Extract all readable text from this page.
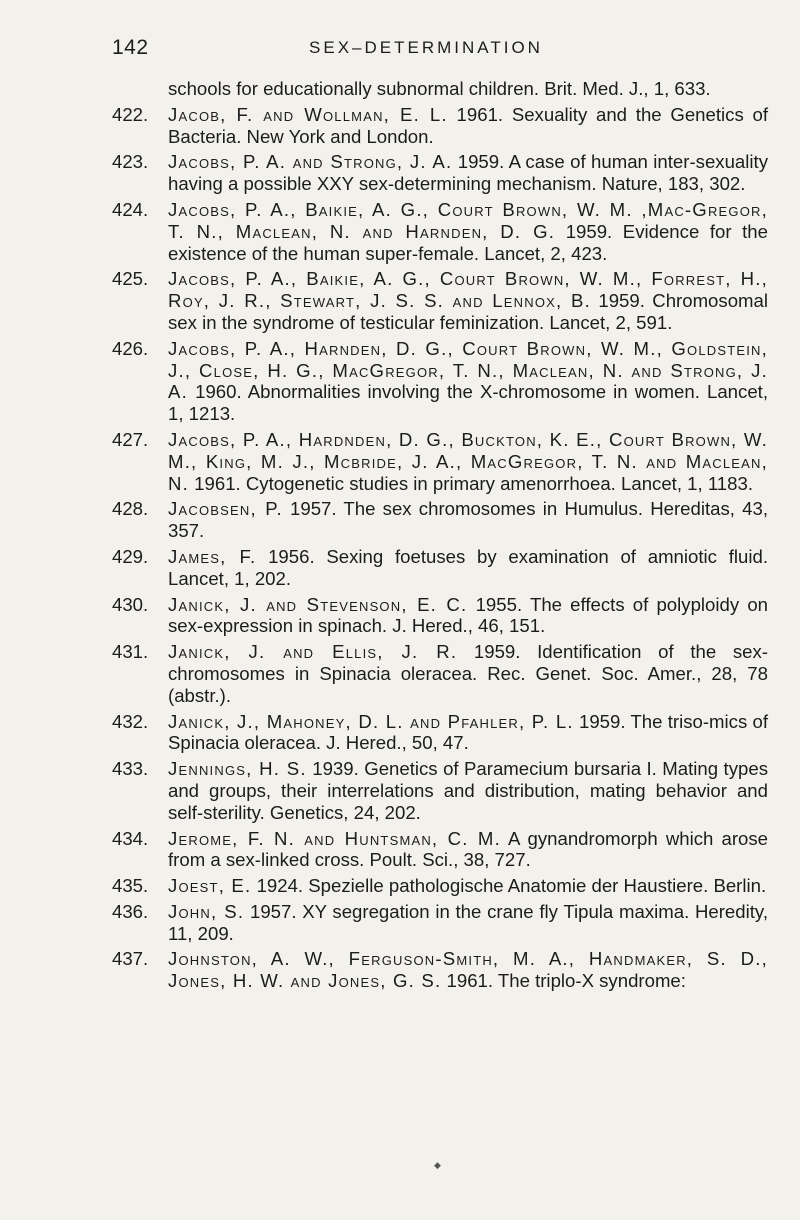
142	SEX–DETERMINATION
schools for educationally subnormal children. Brit. Med. J., 1, 633.
422. Jacob, F. and Wollman, E. L. 1961. Sexuality and the Genetics of Bacteria. New York and London.
423. Jacobs, P. A. and Strong, J. A. 1959. A case of human inter-sexuality having a possible XXY sex-determining mechanism. Nature, 183, 302.
424. Jacobs, P. A., Baikie, A. G., Court Brown, W. M. ,Mac-Gregor, T. N., Maclean, N. and Harnden, D. G. 1959. Evidence for the existence of the human super-female. Lancet, 2, 423.
425. Jacobs, P. A., Baikie, A. G., Court Brown, W. M., Forrest, H., Roy, J. R., Stewart, J. S. S. and Lennox, B. 1959. Chromosomal sex in the syndrome of testicular feminization. Lancet, 2, 591.
426. Jacobs, P. A., Harnden, D. G., Court Brown, W. M., Goldstein, J., Close, H. G., MacGregor, T. N., Maclean, N. and Strong, J. A. 1960. Abnormalities involving the X-chromosome in women. Lancet, 1, 1213.
427. Jacobs, P. A., Hardnden, D. G., Buckton, K. E., Court Brown, W. M., King, M. J., Mcbride, J. A., MacGregor, T. N. and Maclean, N. 1961. Cytogenetic studies in primary amenorrhoea. Lancet, 1, 1183.
428. Jacobsen, P. 1957. The sex chromosomes in Humulus. Hereditas, 43, 357.
429. James, F. 1956. Sexing foetuses by examination of amniotic fluid. Lancet, 1, 202.
430. Janick, J. and Stevenson, E. C. 1955. The effects of polyploidy on sex-expression in spinach. J. Hered., 46, 151.
431. Janick, J. and Ellis, J. R. 1959. Identification of the sex-chromosomes in Spinacia oleracea. Rec. Genet. Soc. Amer., 28, 78 (abstr.).
432. Janick, J., Mahoney, D. L. and Pfahler, P. L. 1959. The triso-mics of Spinacia oleracea. J. Hered., 50, 47.
433. Jennings, H. S. 1939. Genetics of Paramecium bursaria I. Mating types and groups, their interrelations and distribution, mating behavior and self-sterility. Genetics, 24, 202.
434. Jerome, F. N. and Huntsman, C. M. A gynandromorph which arose from a sex-linked cross. Poult. Sci., 38, 727.
435. Joest, E. 1924. Spezielle pathologische Anatomie der Haustiere. Berlin.
436. John, S. 1957. XY segregation in the crane fly Tipula maxima. Heredity, 11, 209.
437. Johnston, A. W., Ferguson-Smith, M. A., Handmaker, S. D., Jones, H. W. and Jones, G. S. 1961. The triplo-X syndrome:
◆
